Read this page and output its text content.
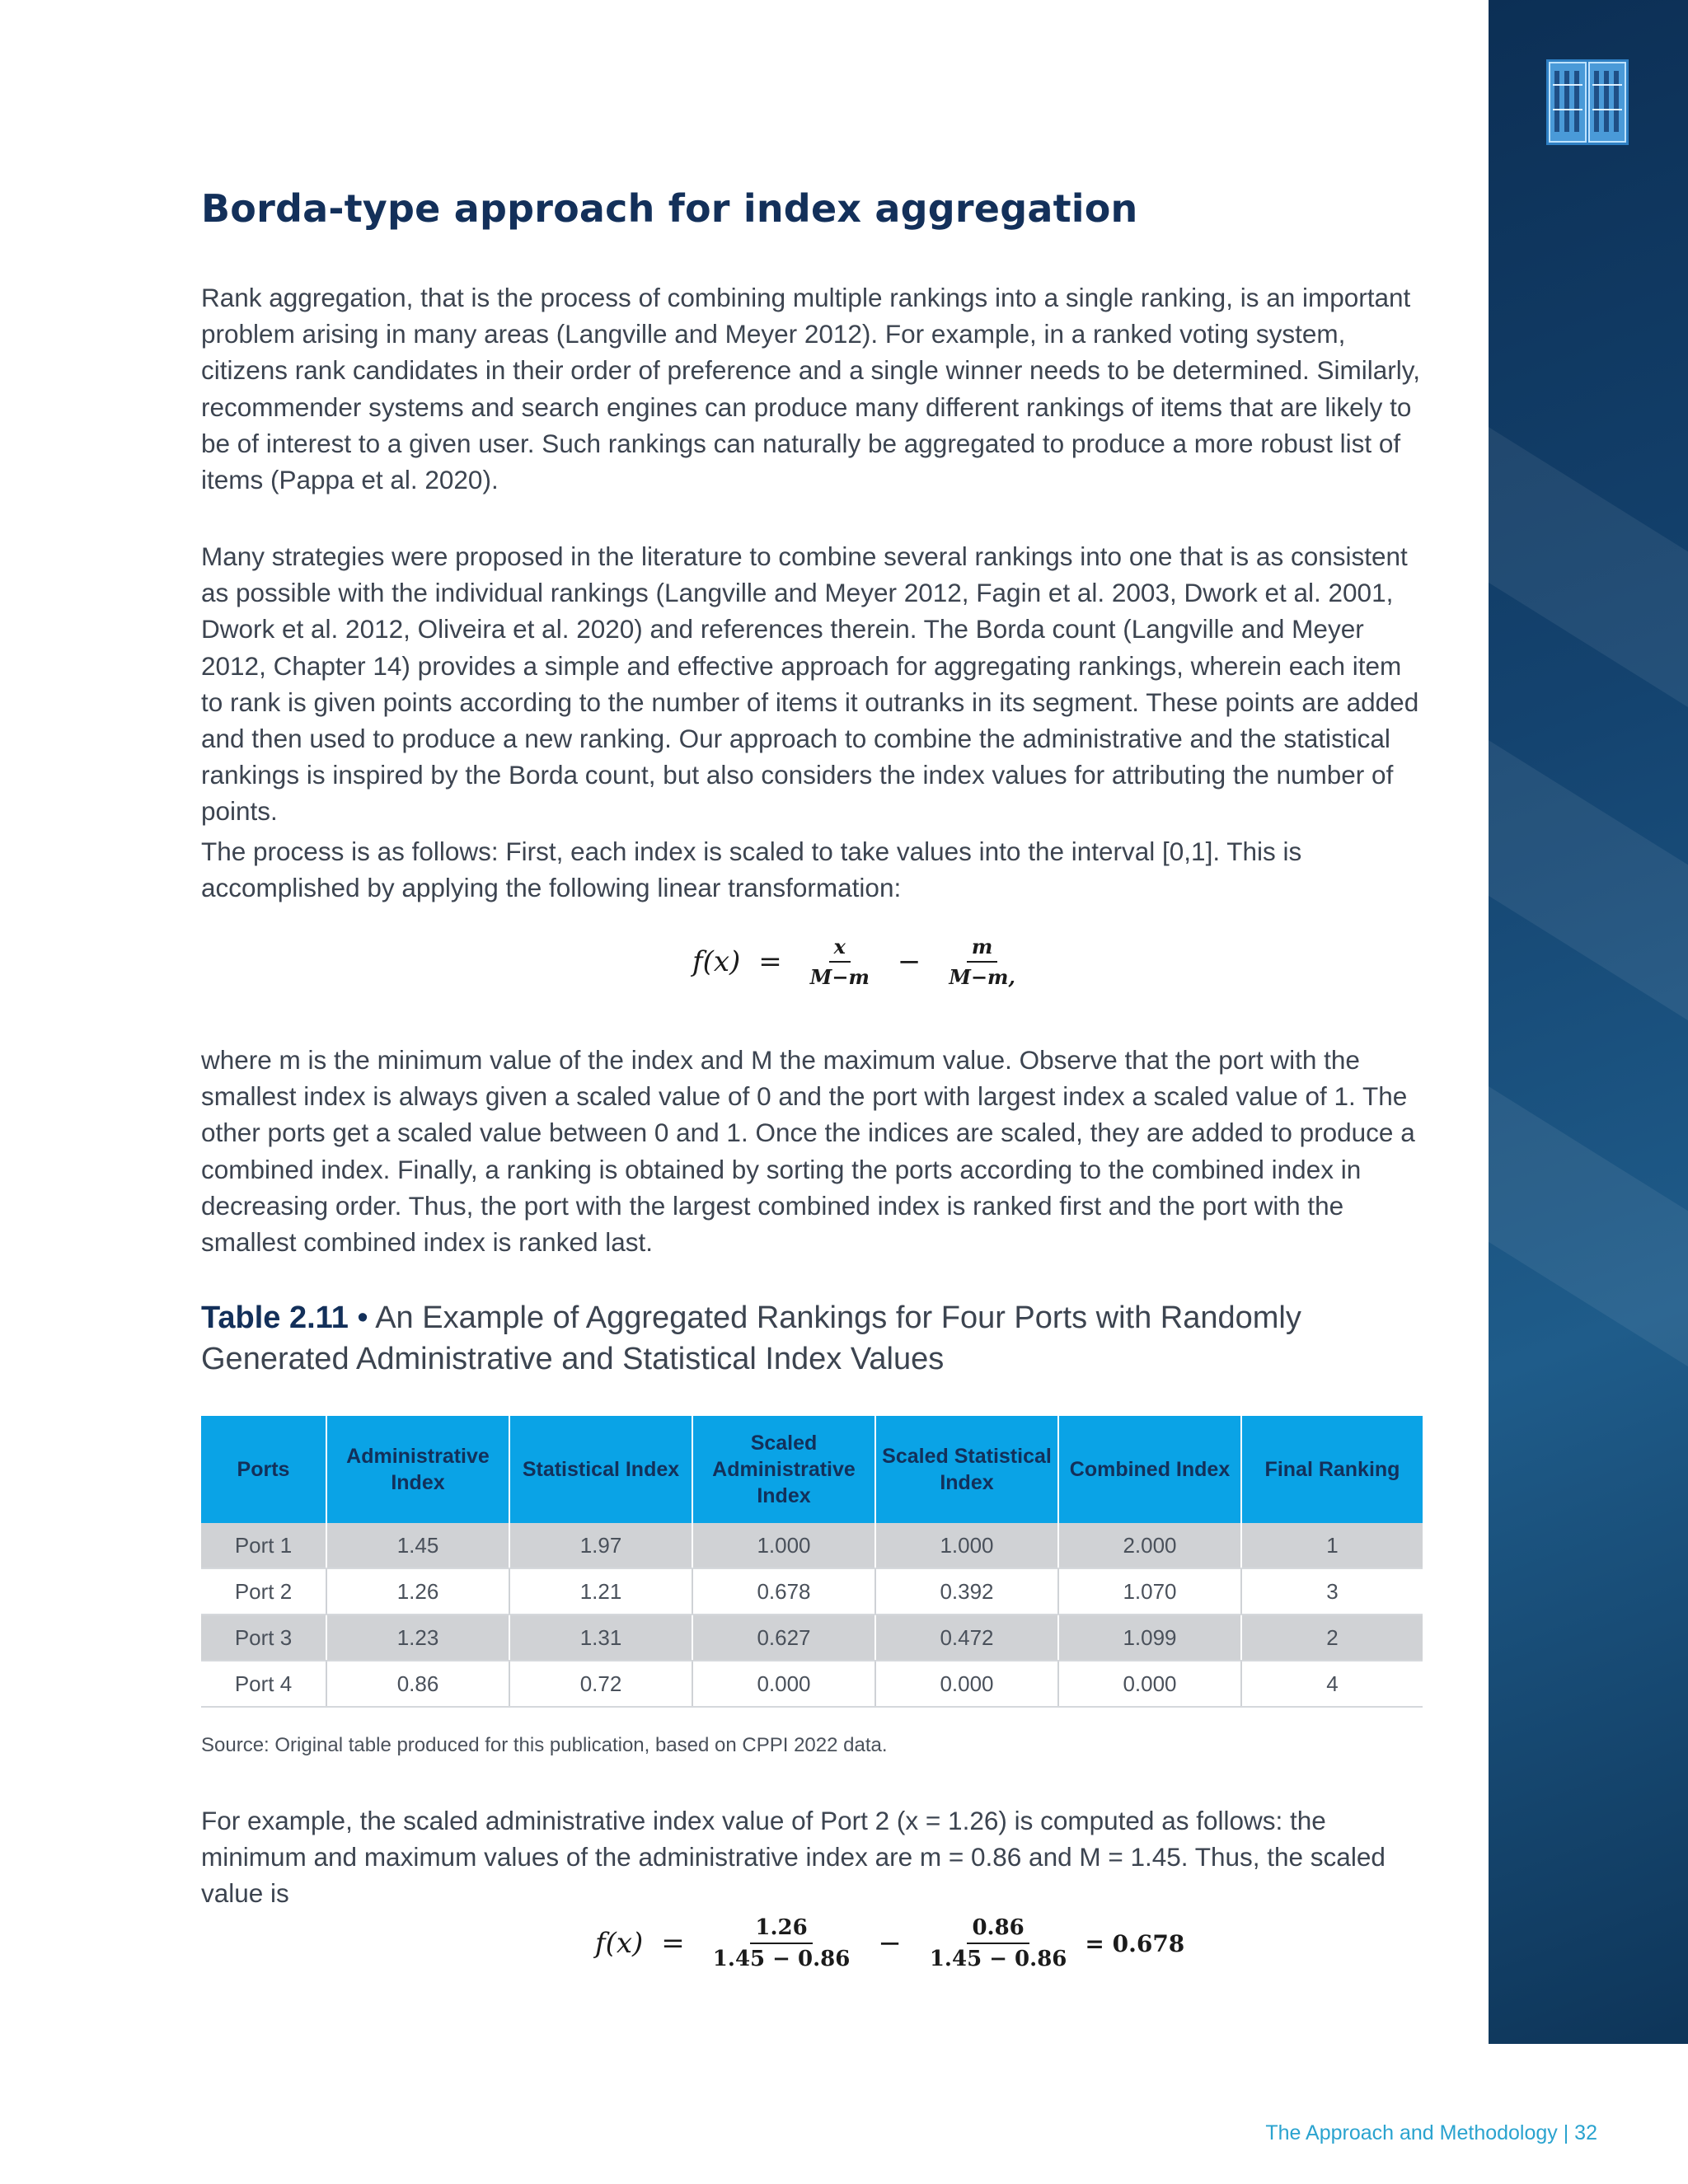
Borda-type approach for index aggregation

Rank aggregation, that is the process of combining multiple rankings into a single ranking, is an important problem arising in many areas (Langville and Meyer 2012). For example, in a ranked voting system, citizens rank candidates in their order of preference and a single winner needs to be determined. Similarly, recommender systems and search engines can produce many different rankings of items that are likely to be of interest to a given user. Such rankings can naturally be aggregated to produce a more robust list of items (Pappa et al. 2020).

Many strategies were proposed in the literature to combine several rankings into one that is as consistent as possible with the individual rankings (Langville and Meyer 2012, Fagin et al. 2003, Dwork et al. 2001, Dwork et al. 2012, Oliveira et al. 2020) and references therein. The Borda count (Langville and Meyer 2012, Chapter 14) provides a simple and effective approach for aggregating rankings, wherein each item to rank is given points according to the number of items it outranks in its segment. These points are added and then used to produce a new ranking. Our approach to combine the administrative and the statistical rankings is inspired by the Borda count, but also considers the index values for attributing the number of points.

The process is as follows: First, each index is scaled to take values into the interval [0,1]. This is accomplished by applying the following linear transformation:

$f(x) = \frac{x}{M-m} - \frac{m}{M-m,}$

where m is the minimum value of the index and M the maximum value. Observe that the port with the smallest index is always given a scaled value of 0 and the port with largest index a scaled value of 1. The other ports get a scaled value between 0 and 1. Once the indices are scaled, they are added to produce a combined index. Finally, a ranking is obtained by sorting the ports according to the combined index in decreasing order. Thus, the port with the largest combined index is ranked first and the port with the smallest combined index is ranked last.

Table 2.11 • An Example of Aggregated Rankings for Four Ports with Randomly Generated Administrative and Statistical Index Values

Ports	Administrative Index	Statistical Index	Scaled Administrative Index	Scaled Statistical Index	Combined Index	Final Ranking
Port 1	1.45	1.97	1.000	1.000	2.000	1
Port 2	1.26	1.21	0.678	0.392	1.070	3
Port 3	1.23	1.31	0.627	0.472	1.099	2
Port 4	0.86	0.72	0.000	0.000	0.000	4

Source: Original table produced for this publication, based on CPPI 2022 data.

For example, the scaled administrative index value of Port 2 (x = 1.26) is computed as follows: the minimum and maximum values of the administrative index are m = 0.86 and M = 1.45. Thus, the scaled value is

$f(x) = \frac{1.26}{1.45 - 0.86} - \frac{0.86}{1.45 - 0.86} = 0.678$

The Approach and Methodology | 32
